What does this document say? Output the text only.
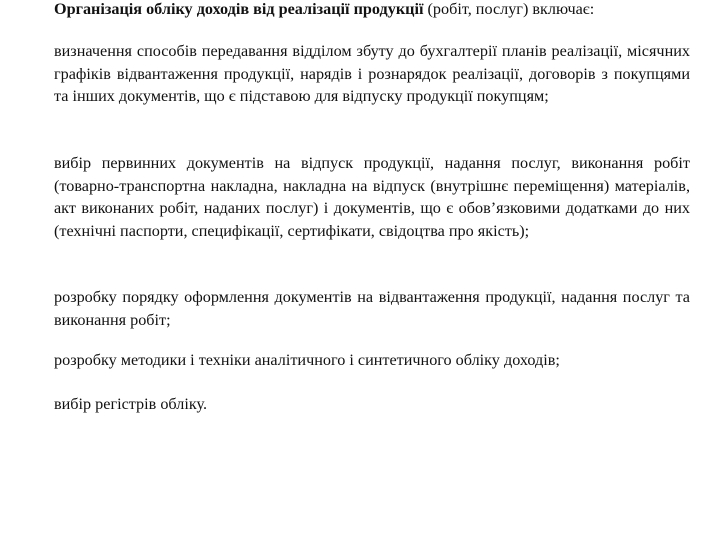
Організація обліку доходів від реалізації продукції (робіт, послуг) включає:

визначення способів передавання відділом збуту до бухгалтерії планів реалізації, місячних графіків відвантаження продукції, нарядів і рознарядок реалізації, договорів з покупцями та інших документів, що є підставою для відпуску продукції покупцям;

вибір первинних документів на відпуск продукції, надання послуг, виконання робіт (товарно-транспортна накладна, накладна на відпуск (внутрішнє переміщення) матеріалів, акт виконаних робіт, наданих послуг) і документів, що є обов’язковими додатками до них (технічні паспорти, специфікації, сертифікати, свідоцтва про якість);

розробку порядку оформлення документів на відвантаження продукції, надання послуг та виконання робіт;

розробку методики і техніки аналітичного і синтетичного обліку доходів;

вибір регістрів обліку.
